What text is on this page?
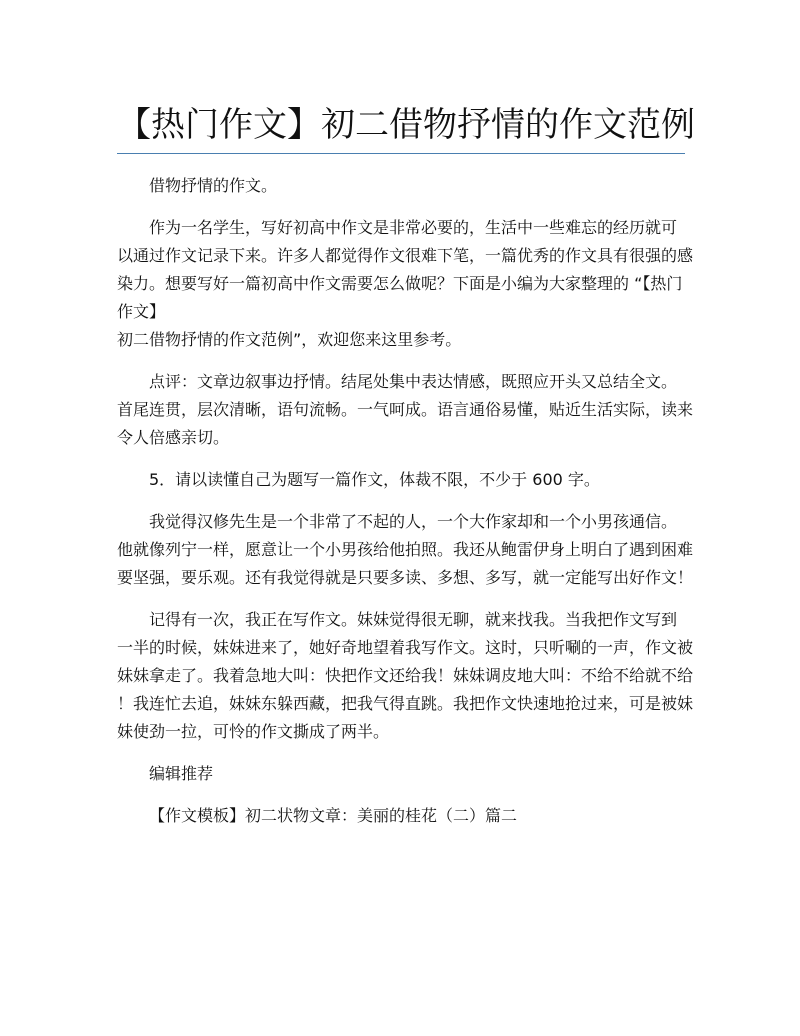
【热门作文】初二借物抒情的作文范例
借物抒情的作文。
作为一名学生，写好初高中作文是非常必要的，生活中一些难忘的经历就可
以通过作文记录下来。许多人都觉得作文很难下笔，一篇优秀的作文具有很强的感
染力。想要写好一篇初高中作文需要怎么做呢？下面是小编为大家整理的 “【热门
作文】
初二借物抒情的作文范例”，欢迎您来这里参考。
点评：文章边叙事边抒情。结尾处集中表达情感，既照应开头又总结全文。
首尾连贯，层次清晰，语句流畅。一气呵成。语言通俗易懂，贴近生活实际，读来
令人倍感亲切。
5．请以读懂自己为题写一篇作文，体裁不限，不少于 600 字。
我觉得汉修先生是一个非常了不起的人，一个大作家却和一个小男孩通信。
他就像列宁一样，愿意让一个小男孩给他拍照。我还从鲍雷伊身上明白了遇到困难
要坚强，要乐观。还有我觉得就是只要多读、多想、多写，就一定能写出好作文！
记得有一次，我正在写作文。妹妹觉得很无聊，就来找我。当我把作文写到
一半的时候，妹妹进来了，她好奇地望着我写作文。这时，只听唰的一声，作文被
妹妹拿走了。我着急地大叫：快把作文还给我！妹妹调皮地大叫：不给不给就不给
！我连忙去追，妹妹东躲西藏，把我气得直跳。我把作文快速地抢过来，可是被妹
妹使劲一拉，可怜的作文撕成了两半。
编辑推荐
【作文模板】初二状物文章：美丽的桂花（二）篇二
